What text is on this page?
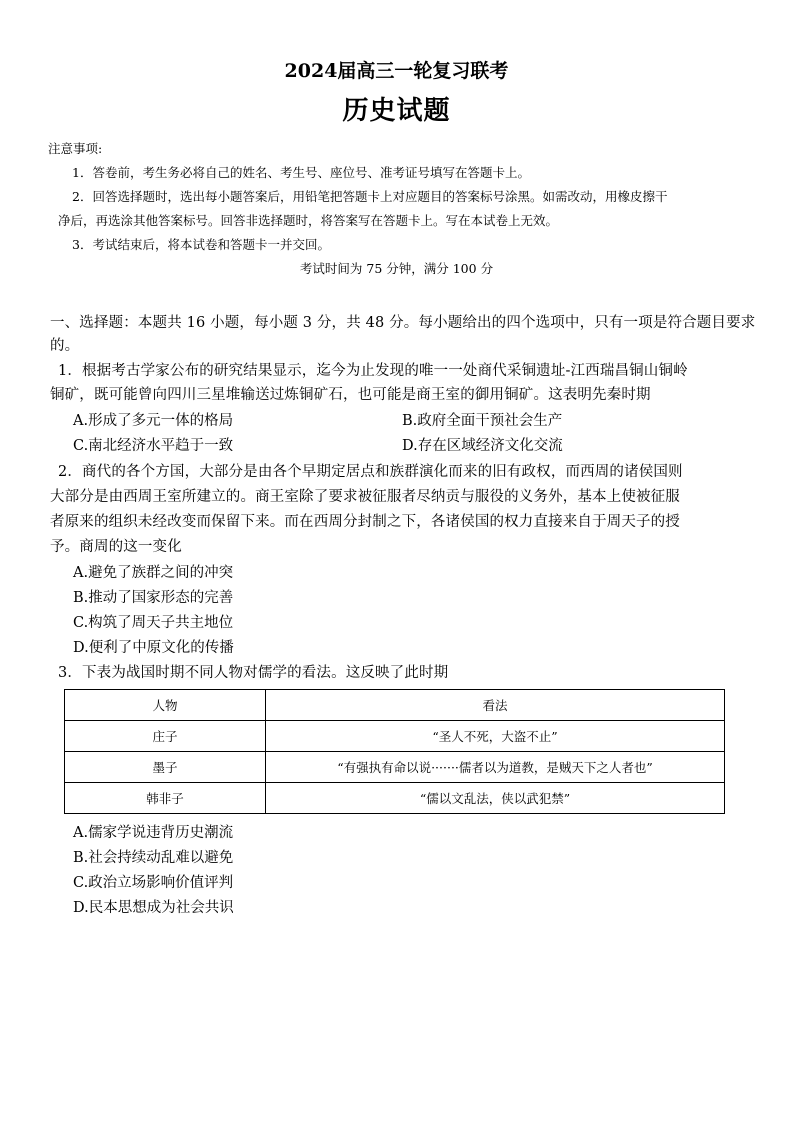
2024届高三一轮复习联考
历史试题
注意事项:
1．答卷前，考生务必将自己的姓名、考生号、座位号、准考证号填写在答题卡上。
2．回答选择题时，选出每小题答案后，用铅笔把答题卡上对应题目的答案标号涂黑。如需改动，用橡皮擦干
净后，再选涂其他答案标号。回答非选择题时，将答案写在答题卡上。写在本试卷上无效。
3．考试结束后，将本试卷和答题卡一并交回。
考试时间为 75 分钟，满分 100 分
一、选择题：本题共 16 小题，每小题 3 分，共 48 分。每小题给出的四个选项中，只有一项是符合题目要求
的。
1．根据考古学家公布的研究结果显示，迄今为止发现的唯一一处商代采铜遗址-江西瑞昌铜山铜岭
铜矿，既可能曾向四川三星堆输送过炼铜矿石，也可能是商王室的御用铜矿。这表明先秦时期
A.形成了多元一体的格局	B.政府全面干预社会生产
C.南北经济水平趋于一致	D.存在区域经济文化交流
2．商代的各个方国，大部分是由各个早期定居点和族群演化而来的旧有政权，而西周的诸侯国则
大部分是由西周王室所建立的。商王室除了要求被征服者尽纳贡与服役的义务外，基本上使被征服
者原来的组织未经改变而保留下来。而在西周分封制之下，各诸侯国的权力直接来自于周天子的授
予。商周的这一变化
A.避免了族群之间的冲突
B.推动了国家形态的完善
C.构筑了周天子共主地位
D.便利了中原文化的传播
3．下表为战国时期不同人物对儒学的看法。这反映了此时期
人物	看法
庄子	“圣人不死，大盗不止”
墨子	“有强执有命以说·······儒者以为道教，是贼天下之人者也”
韩非子	“儒以文乱法，侠以武犯禁”
A.儒家学说违背历史潮流
B.社会持续动乱难以避免
C.政治立场影响价值评判
D.民本思想成为社会共识
